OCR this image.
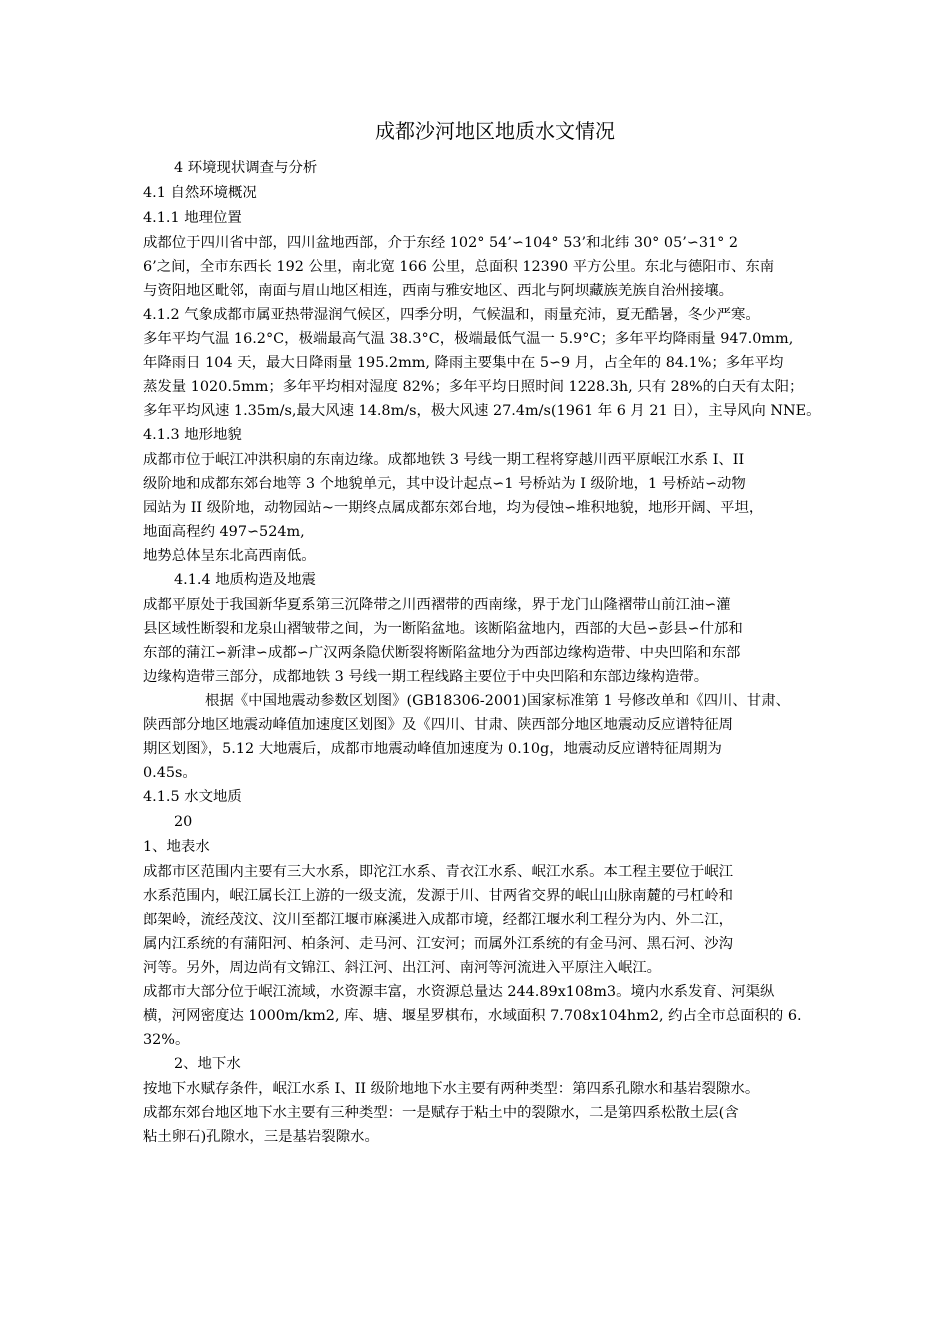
成都沙河地区地质水文情况

4 环境现状调查与分析

4.1 自然环境概况

4.1.1 地理位置

成都位于四川省中部，四川盆地西部，介于东经 102° 54’∽104° 53’和北纬 30° 05’∽31° 2
6’之间，全市东西长 192 公里，南北宽 166 公里，总面积 12390 平方公里。东北与德阳市、东南
与资阳地区毗邻，南面与眉山地区相连，西南与雅安地区、西北与阿坝藏族羌族自治州接壤。

4.1.2 气象成都市属亚热带湿润气候区，四季分明，气候温和，雨量充沛，夏无酷暑，冬少严寒。
多年平均气温 16.2°C，极端最高气温 38.3°C，极端最低气温一 5.9°C；多年平均降雨量 947.0mm,
年降雨日 104 天，最大日降雨量 195.2mm, 降雨主要集中在 5∽9 月，占全年的 84.1%；多年平均
蒸发量 1020.5mm；多年平均相对湿度 82%；多年平均日照时间 1228.3h, 只有 28%的白天有太阳；
多年平均风速 1.35m/s,最大风速 14.8m/s，极大风速 27.4m/s(1961 年 6 月 21 日），主导风向 NNE。

4.1.3 地形地貌

成都市位于岷江冲洪积扇的东南边缘。成都地铁 3 号线一期工程将穿越川西平原岷江水系 I、II
级阶地和成都东郊台地等 3 个地貌单元，其中设计起点∽1 号桥站为 I 级阶地，1 号桥站∽动物
园站为 II 级阶地，动物园站~一期终点属成都东郊台地，均为侵蚀∽堆积地貌，地形开阔、平坦，
地面高程约 497∽524m,
地势总体呈东北高西南低。

4.1.4 地质构造及地震

成都平原处于我国新华夏系第三沉降带之川西褶带的西南缘，界于龙门山隆褶带山前江油∽灌
县区域性断裂和龙泉山褶皱带之间，为一断陷盆地。该断陷盆地内，西部的大邑∽彭县∽什邡和
东部的蒲江∽新津∽成都∽广汉两条隐伏断裂将断陷盆地分为西部边缘构造带、中央凹陷和东部
边缘构造带三部分，成都地铁 3 号线一期工程线路主要位于中央凹陷和东部边缘构造带。

根据《中国地震动参数区划图》(GB18306-2001)国家标准第 1 号修改单和《四川、甘肃、
陕西部分地区地震动峰值加速度区划图》及《四川、甘肃、陕西部分地区地震动反应谱特征周
期区划图》，5.12 大地震后，成都市地震动峰值加速度为 0.10g，地震动反应谱特征周期为
0.45s。

4.1.5 水文地质

20

1、地表水

成都市区范围内主要有三大水系，即沱江水系、青衣江水系、岷江水系。本工程主要位于岷江
水系范围内，岷江属长江上游的一级支流，发源于川、甘两省交界的岷山山脉南麓的弓杠岭和
郎架岭，流经茂汶、汶川至都江堰市麻溪进入成都市境，经都江堰水利工程分为内、外二江，
属内江系统的有蒲阳河、柏条河、走马河、江安河；而属外江系统的有金马河、黑石河、沙沟
河等。另外，周边尚有文锦江、斜江河、出江河、南河等河流进入平原注入岷江。

成都市大部分位于岷江流域，水资源丰富，水资源总量达 244.89x108m3。境内水系发育、河渠纵
横，河网密度达 1000m/km2, 库、塘、堰星罗棋布，水域面积 7.708x104hm2, 约占全市总面积的 6.
32%。

2、地下水

按地下水赋存条件，岷江水系 I、II 级阶地地下水主要有两种类型：第四系孔隙水和基岩裂隙水。
成都东郊台地区地下水主要有三种类型：一是赋存于粘土中的裂隙水，二是第四系松散土层(含
粘土卵石)孔隙水，三是基岩裂隙水。
